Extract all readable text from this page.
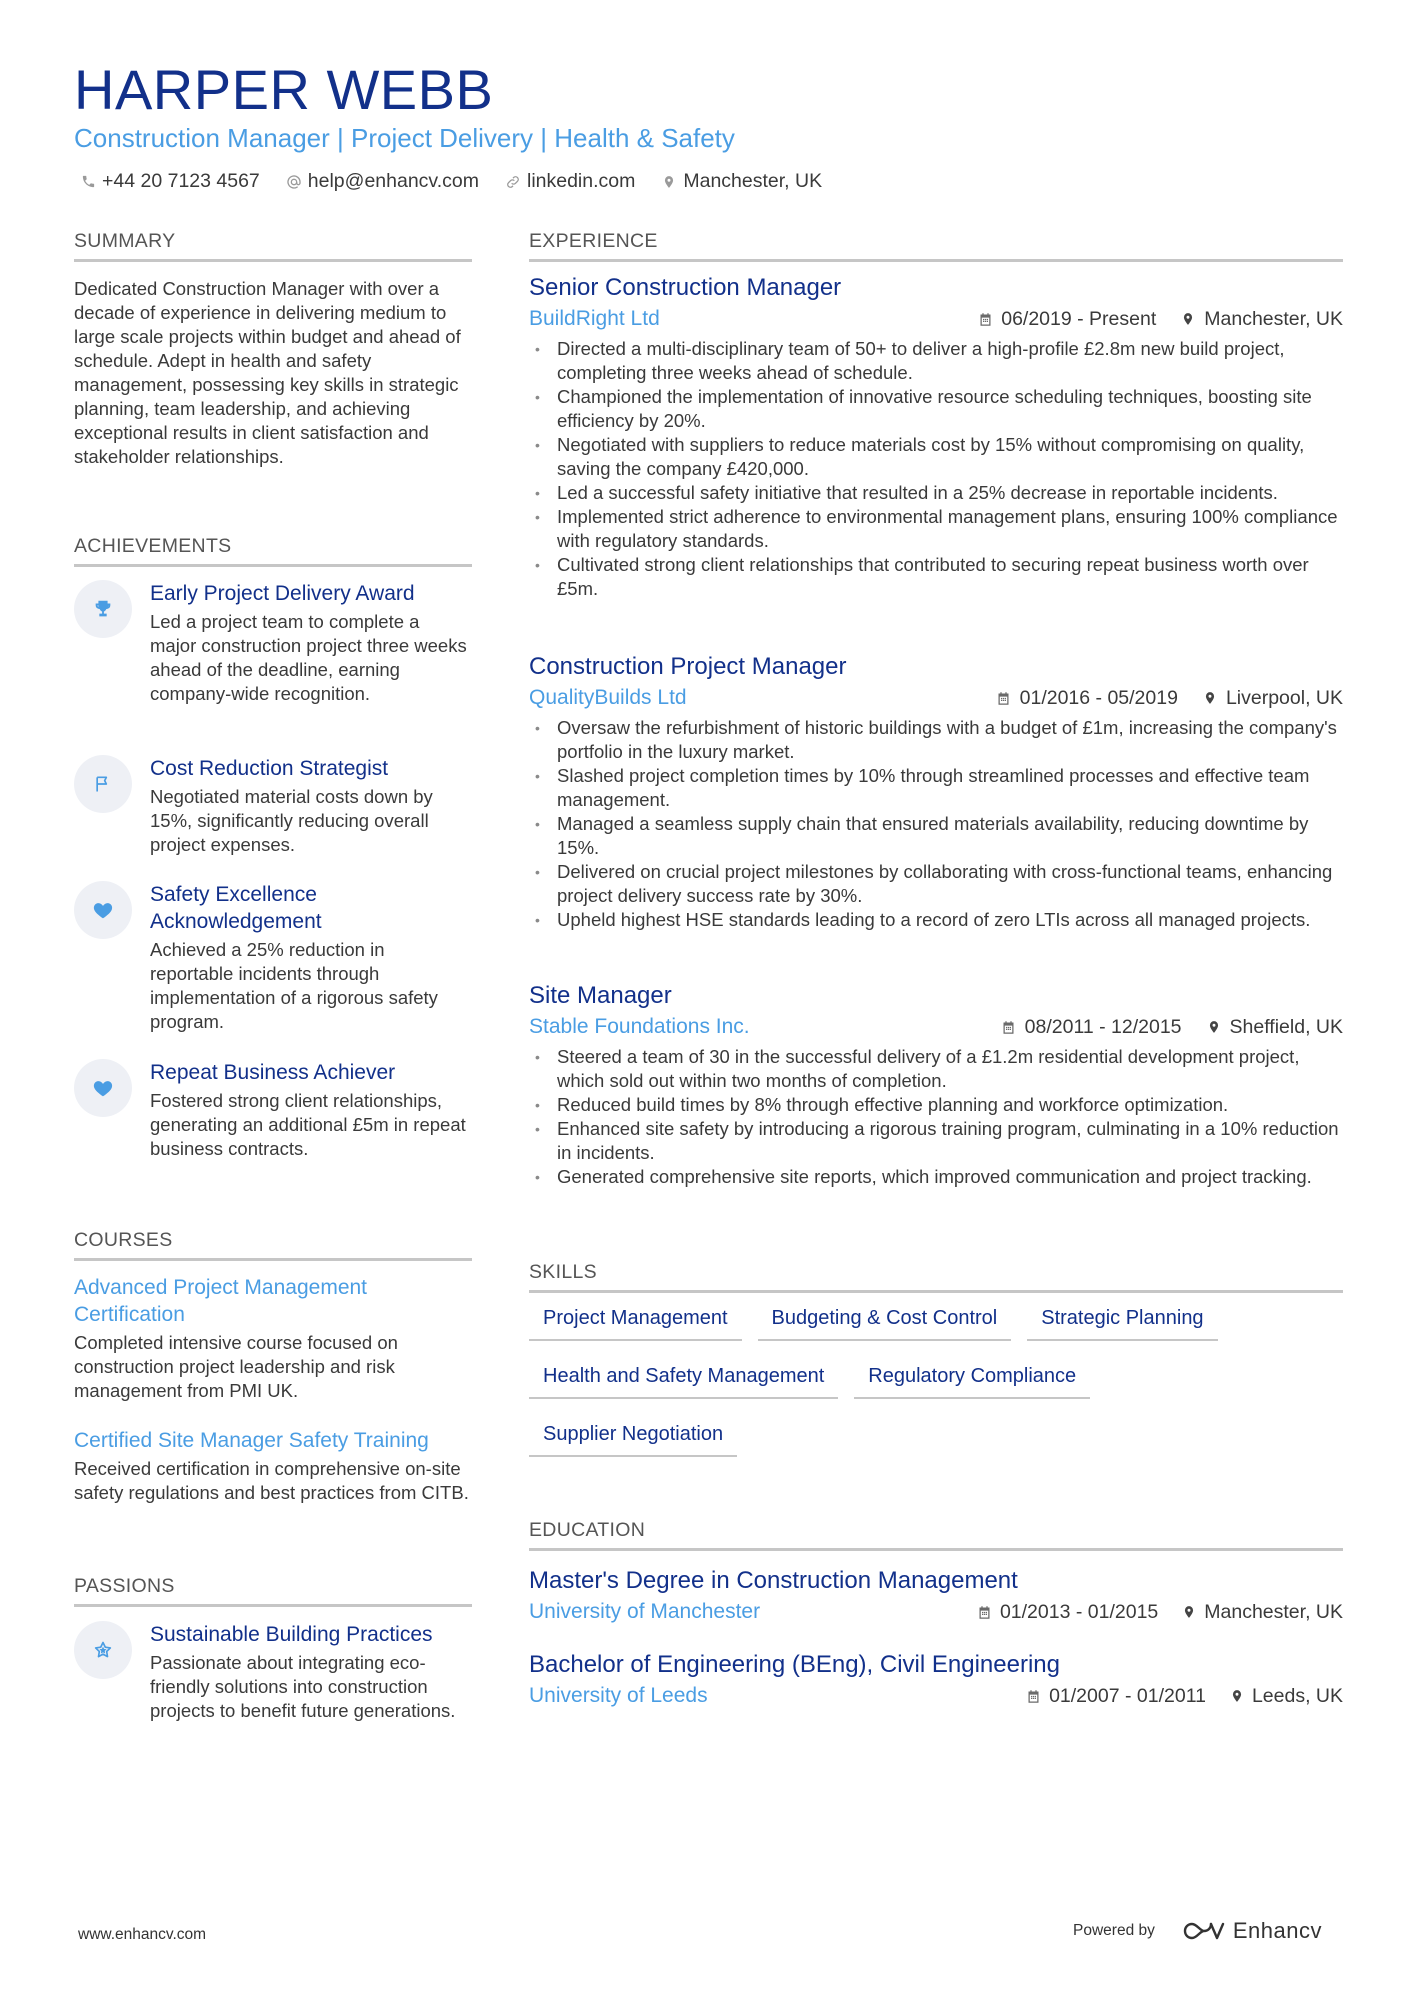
HARPER WEBB
Construction Manager | Project Delivery | Health & Safety
+44 20 7123 4567 help@enhancv.com linkedin.com Manchester, UK
SUMMARY
Dedicated Construction Manager with over a decade of experience in delivering medium to large scale projects within budget and ahead of schedule. Adept in health and safety management, possessing key skills in strategic planning, team leadership, and achieving exceptional results in client satisfaction and stakeholder relationships.
ACHIEVEMENTS
Early Project Delivery Award
Led a project team to complete a major construction project three weeks ahead of the deadline, earning company-wide recognition.
Cost Reduction Strategist
Negotiated material costs down by 15%, significantly reducing overall project expenses.
Safety Excellence Acknowledgement
Achieved a 25% reduction in reportable incidents through implementation of a rigorous safety program.
Repeat Business Achiever
Fostered strong client relationships, generating an additional £5m in repeat business contracts.
COURSES
Advanced Project Management Certification
Completed intensive course focused on construction project leadership and risk management from PMI UK.
Certified Site Manager Safety Training
Received certification in comprehensive on-site safety regulations and best practices from CITB.
PASSIONS
Sustainable Building Practices
Passionate about integrating eco-friendly solutions into construction projects to benefit future generations.
EXPERIENCE
Senior Construction Manager
BuildRight Ltd	06/2019 - Present Manchester, UK
• Directed a multi-disciplinary team of 50+ to deliver a high-profile £2.8m new build project, completing three weeks ahead of schedule.
• Championed the implementation of innovative resource scheduling techniques, boosting site efficiency by 20%.
• Negotiated with suppliers to reduce materials cost by 15% without compromising on quality, saving the company £420,000.
• Led a successful safety initiative that resulted in a 25% decrease in reportable incidents.
• Implemented strict adherence to environmental management plans, ensuring 100% compliance with regulatory standards.
• Cultivated strong client relationships that contributed to securing repeat business worth over £5m.
Construction Project Manager
QualityBuilds Ltd	01/2016 - 05/2019 Liverpool, UK
• Oversaw the refurbishment of historic buildings with a budget of £1m, increasing the company's portfolio in the luxury market.
• Slashed project completion times by 10% through streamlined processes and effective team management.
• Managed a seamless supply chain that ensured materials availability, reducing downtime by 15%.
• Delivered on crucial project milestones by collaborating with cross-functional teams, enhancing project delivery success rate by 30%.
• Upheld highest HSE standards leading to a record of zero LTIs across all managed projects.
Site Manager
Stable Foundations Inc.	08/2011 - 12/2015 Sheffield, UK
• Steered a team of 30 in the successful delivery of a £1.2m residential development project, which sold out within two months of completion.
• Reduced build times by 8% through effective planning and workforce optimization.
• Enhanced site safety by introducing a rigorous training program, culminating in a 10% reduction in incidents.
• Generated comprehensive site reports, which improved communication and project tracking.
SKILLS
Project Management	Budgeting & Cost Control	Strategic Planning
Health and Safety Management	Regulatory Compliance
Supplier Negotiation
EDUCATION
Master's Degree in Construction Management
University of Manchester	01/2013 - 01/2015 Manchester, UK
Bachelor of Engineering (BEng), Civil Engineering
University of Leeds	01/2007 - 01/2011 Leeds, UK
www.enhancv.com	Powered by	Enhancv
